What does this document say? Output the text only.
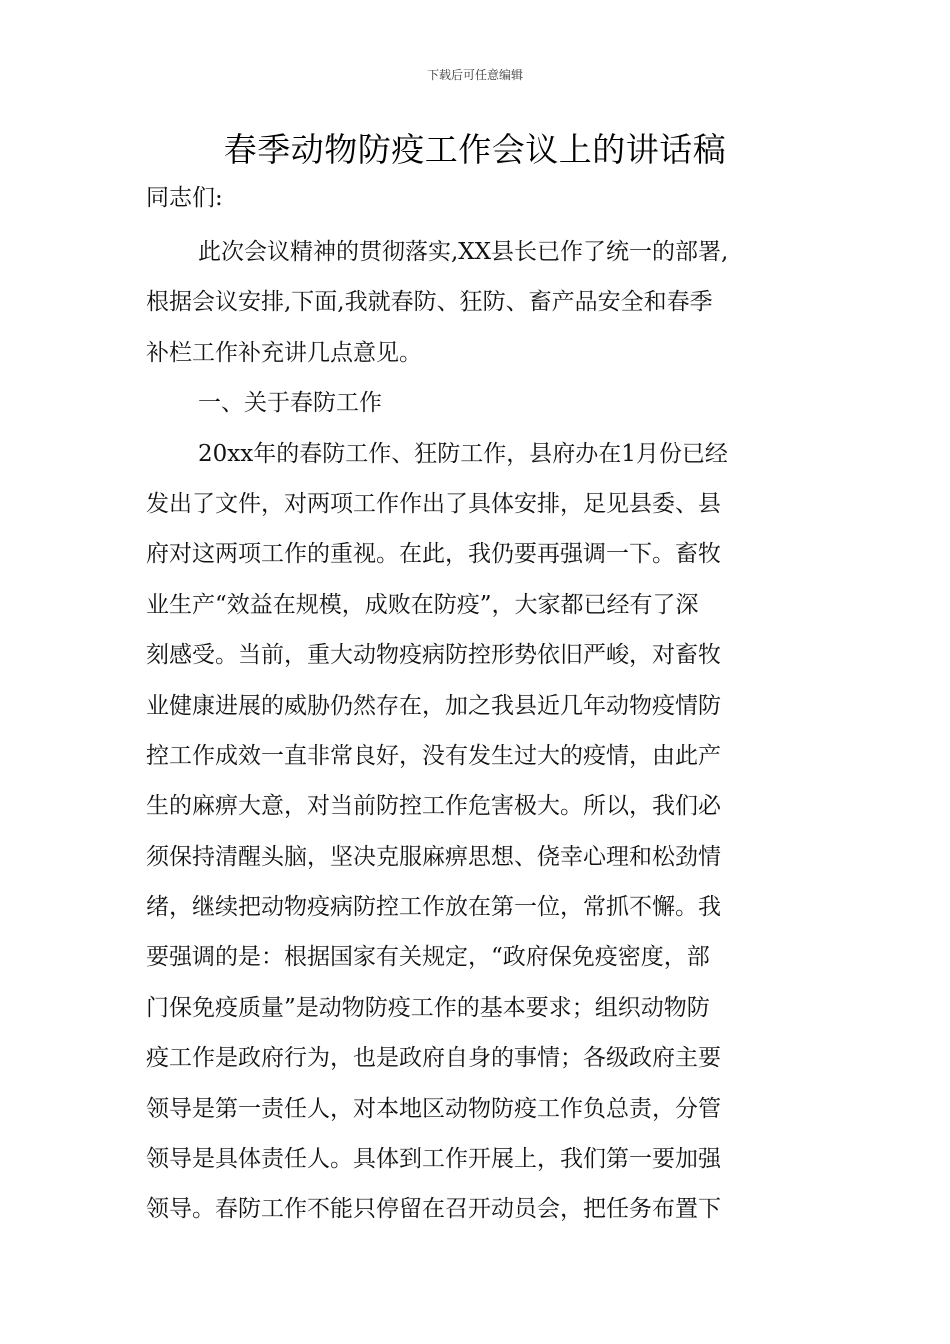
下载后可任意编辑
春季动物防疫工作会议上的讲话稿
同志们:
此次会议精神的贯彻落实,XX县长已作了统一的部署,
根据会议安排,下面,我就春防、狂防、畜产品安全和春季
补栏工作补充讲几点意见。
一、关于春防工作
20xx年的春防工作、狂防工作，县府办在1月份已经
发出了文件，对两项工作作出了具体安排，足见县委、县
府对这两项工作的重视。在此，我仍要再强调一下。畜牧
业生产“效益在规模，成败在防疫”，大家都已经有了深
刻感受。当前，重大动物疫病防控形势依旧严峻，对畜牧
业健康进展的威胁仍然存在，加之我县近几年动物疫情防
控工作成效一直非常良好，没有发生过大的疫情，由此产
生的麻痹大意，对当前防控工作危害极大。所以，我们必
须保持清醒头脑，坚决克服麻痹思想、侥幸心理和松劲情
绪，继续把动物疫病防控工作放在第一位，常抓不懈。我
要强调的是：根据国家有关规定，“政府保免疫密度，部
门保免疫质量”是动物防疫工作的基本要求；组织动物防
疫工作是政府行为，也是政府自身的事情；各级政府主要
领导是第一责任人，对本地区动物防疫工作负总责，分管
领导是具体责任人。具体到工作开展上，我们第一要加强
领导。春防工作不能只停留在召开动员会，把任务布置下
